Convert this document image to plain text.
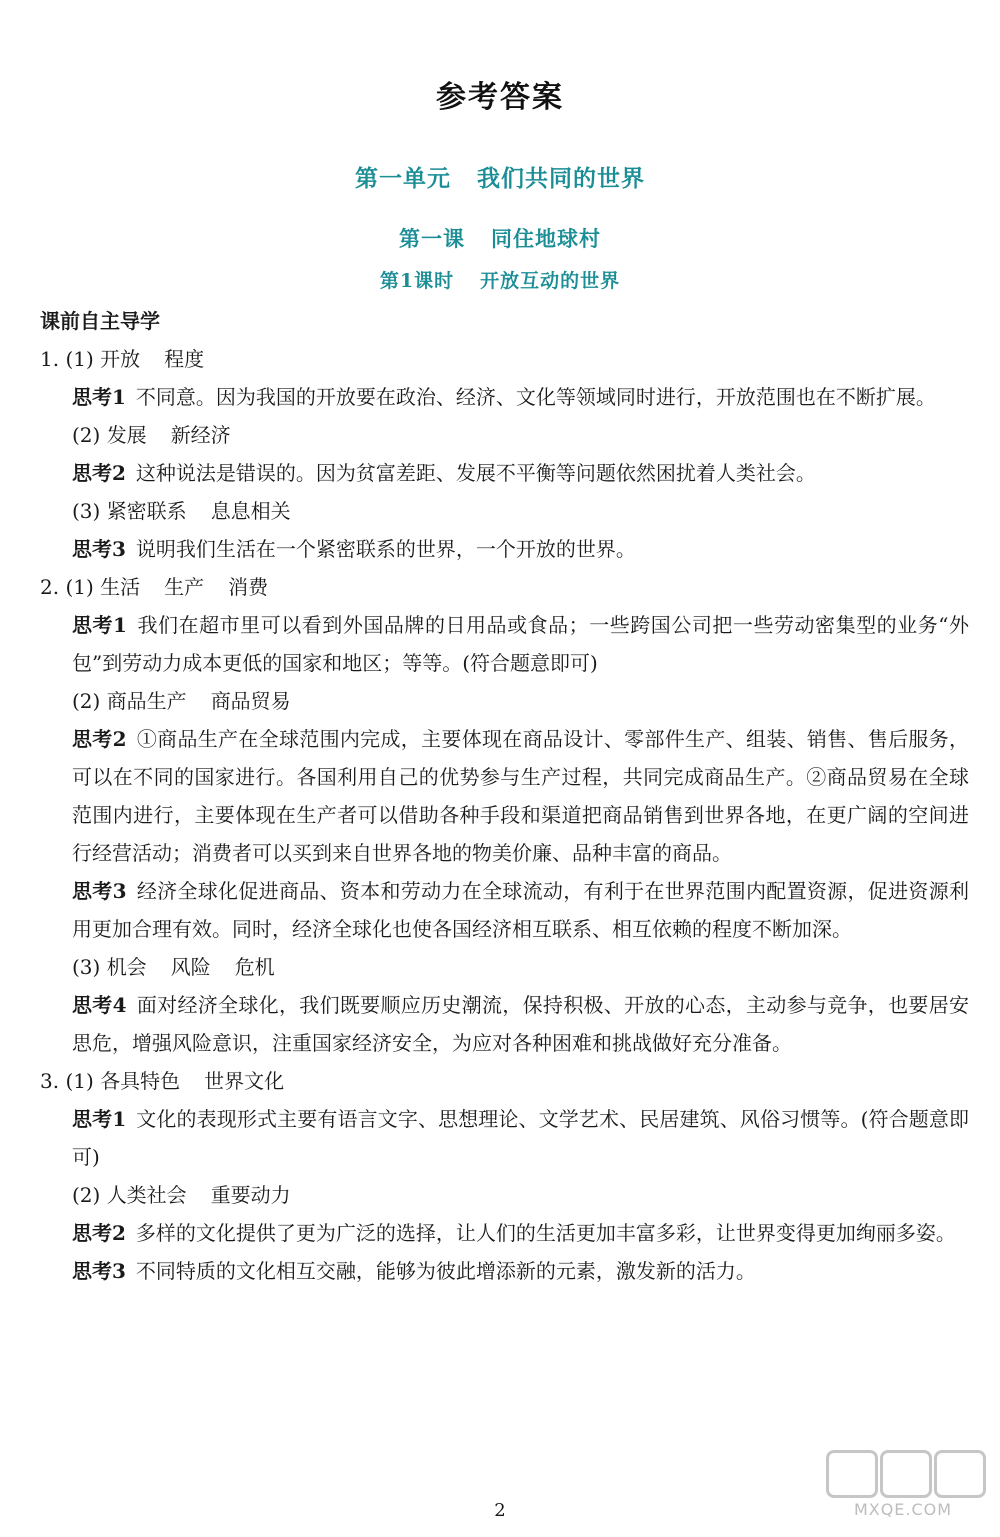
参考答案
第一单元 我们共同的世界
第一课 同住地球村
第1课时 开放互动的世界
课前自主导学
1. (1) 开放 程度
思考1 不同意。因为我国的开放要在政治、经济、文化等领域同时进行，开放范围也在不断扩展。
(2) 发展 新经济
思考2 这种说法是错误的。因为贫富差距、发展不平衡等问题依然困扰着人类社会。
(3) 紧密联系 息息相关
思考3 说明我们生活在一个紧密联系的世界，一个开放的世界。
2. (1) 生活 生产 消费
思考1 我们在超市里可以看到外国品牌的日用品或食品；一些跨国公司把一些劳动密集型的业务“外包”到劳动力成本更低的国家和地区；等等。(符合题意即可)
(2) 商品生产 商品贸易
思考2 ①商品生产在全球范围内完成，主要体现在商品设计、零部件生产、组装、销售、售后服务，可以在不同的国家进行。各国利用自己的优势参与生产过程，共同完成商品生产。②商品贸易在全球范围内进行，主要体现在生产者可以借助各种手段和渠道把商品销售到世界各地，在更广阔的空间进行经营活动；消费者可以买到来自世界各地的物美价廉、品种丰富的商品。
思考3 经济全球化促进商品、资本和劳动力在全球流动，有利于在世界范围内配置资源，促进资源利用更加合理有效。同时，经济全球化也使各国经济相互联系、相互依赖的程度不断加深。
(3) 机会 风险 危机
思考4 面对经济全球化，我们既要顺应历史潮流，保持积极、开放的心态，主动参与竞争，也要居安思危，增强风险意识，注重国家经济安全，为应对各种困难和挑战做好充分准备。
3. (1) 各具特色 世界文化
思考1 文化的表现形式主要有语言文字、思想理论、文学艺术、民居建筑、风俗习惯等。(符合题意即可)
(2) 人类社会 重要动力
思考2 多样的文化提供了更为广泛的选择，让人们的生活更加丰富多彩，让世界变得更加绚丽多姿。
思考3 不同特质的文化相互交融，能够为彼此增添新的元素，激发新的活力。
2	MXQE.COM
